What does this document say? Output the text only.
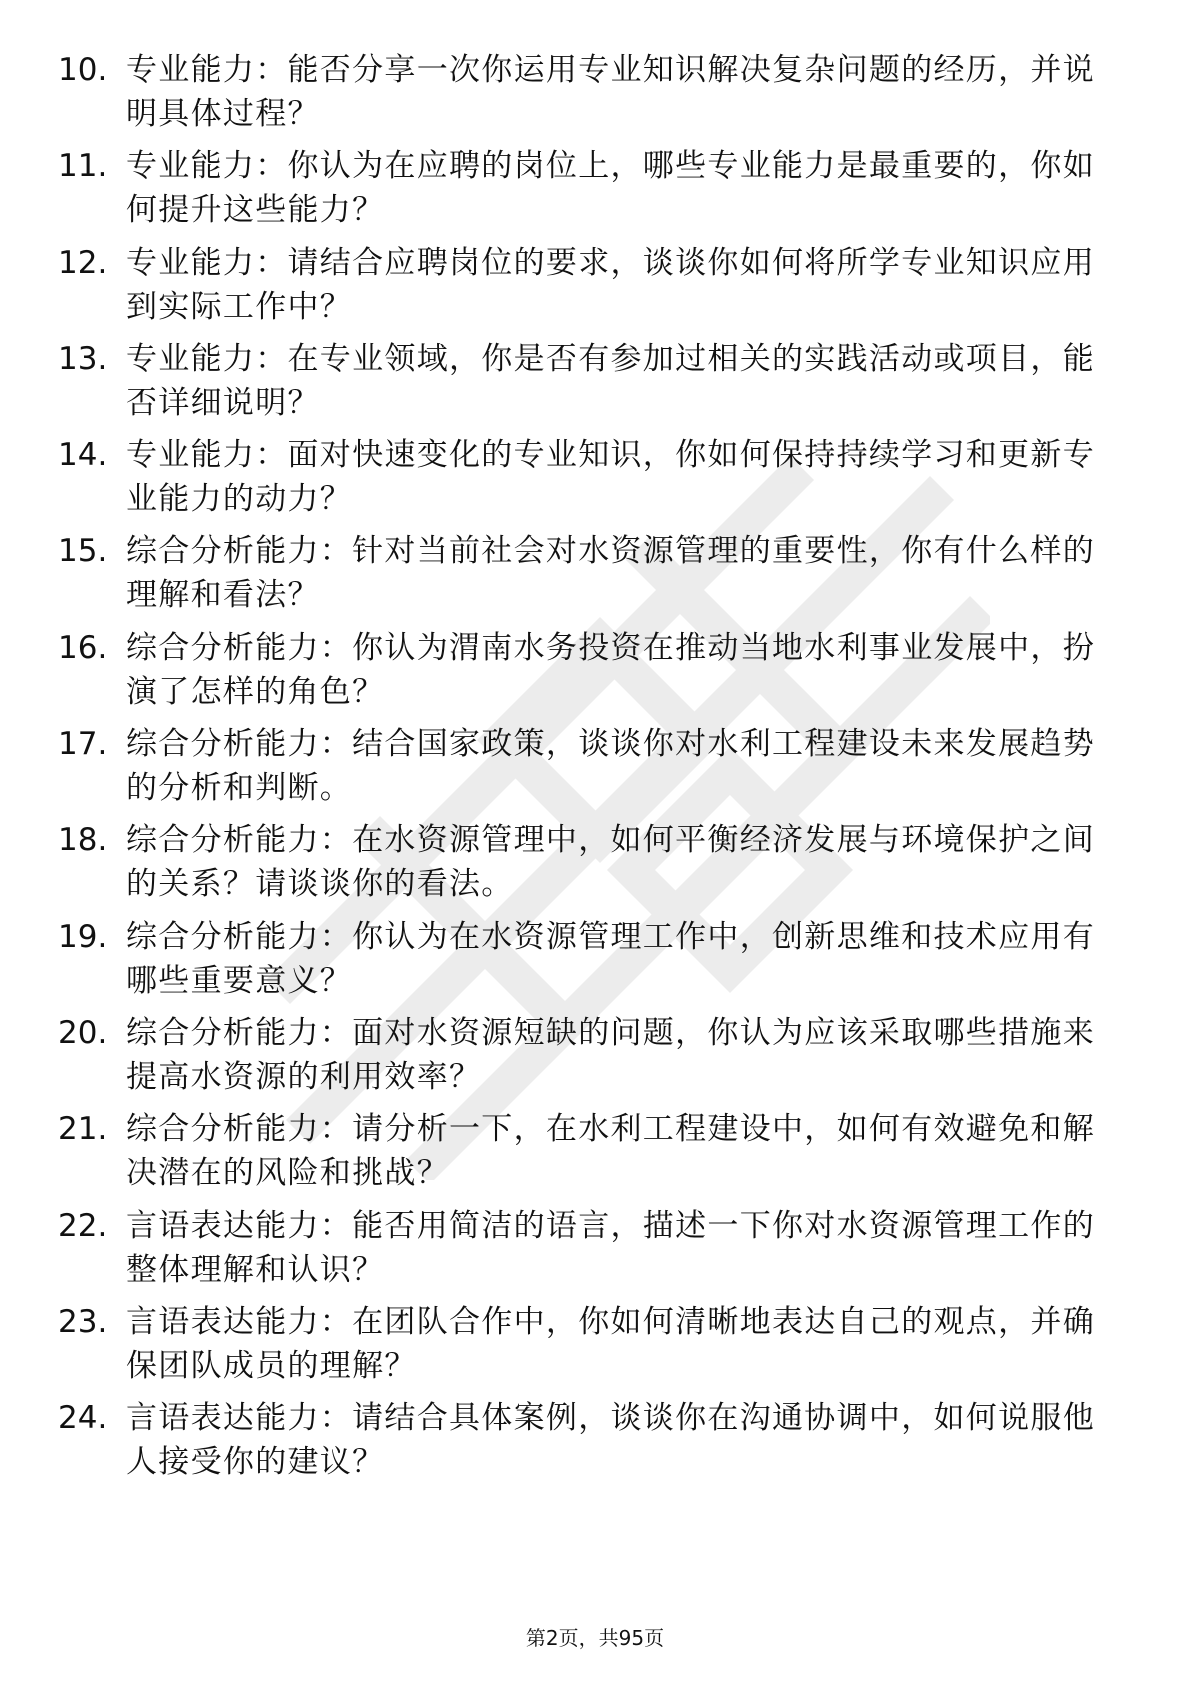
10. 专业能力：能否分享一次你运用专业知识解决复杂问题的经历，并说明具体过程？
11. 专业能力：你认为在应聘的岗位上，哪些专业能力是最重要的，你如何提升这些能力？
12. 专业能力：请结合应聘岗位的要求，谈谈你如何将所学专业知识应用到实际工作中？
13. 专业能力：在专业领域，你是否有参加过相关的实践活动或项目，能否详细说明？
14. 专业能力：面对快速变化的专业知识，你如何保持持续学习和更新专业能力的动力？
15. 综合分析能力：针对当前社会对水资源管理的重要性，你有什么样的理解和看法？
16. 综合分析能力：你认为渭南水务投资在推动当地水利事业发展中，扮演了怎样的角色？
17. 综合分析能力：结合国家政策，谈谈你对水利工程建设未来发展趋势的分析和判断。
18. 综合分析能力：在水资源管理中，如何平衡经济发展与环境保护之间的关系？请谈谈你的看法。
19. 综合分析能力：你认为在水资源管理工作中，创新思维和技术应用有哪些重要意义？
20. 综合分析能力：面对水资源短缺的问题，你认为应该采取哪些措施来提高水资源的利用效率？
21. 综合分析能力：请分析一下，在水利工程建设中，如何有效避免和解决潜在的风险和挑战？
22. 言语表达能力：能否用简洁的语言，描述一下你对水资源管理工作的整体理解和认识？
23. 言语表达能力：在团队合作中，你如何清晰地表达自己的观点，并确保团队成员的理解？
24. 言语表达能力：请结合具体案例，谈谈你在沟通协调中，如何说服他人接受你的建议？
第2页，共95页
